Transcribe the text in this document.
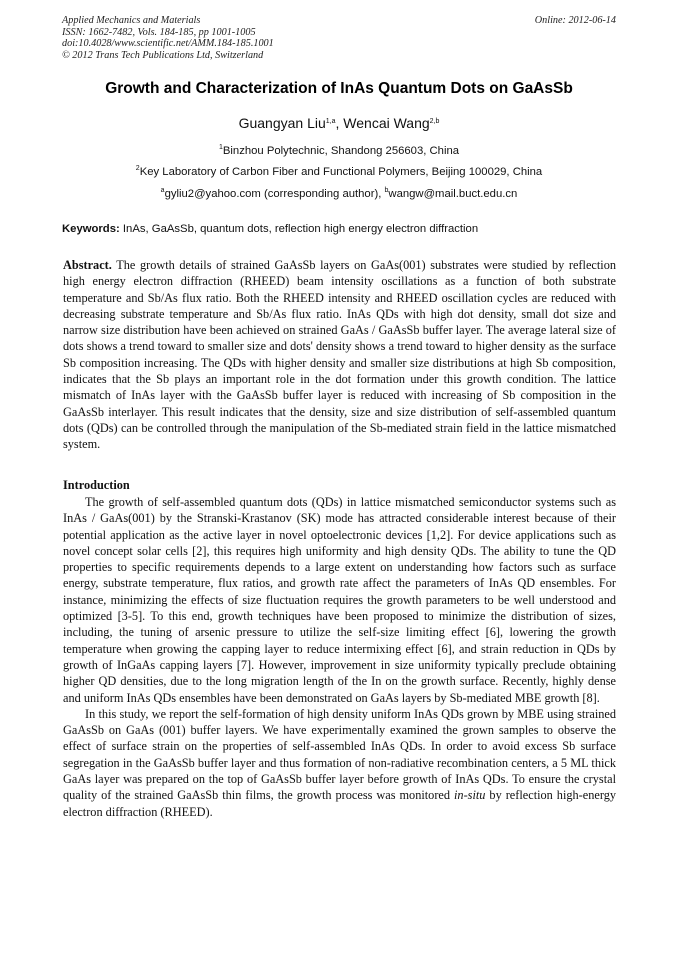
Applied Mechanics and Materials
ISSN: 1662-7482, Vols. 184-185, pp 1001-1005
doi:10.4028/www.scientific.net/AMM.184-185.1001
© 2012 Trans Tech Publications Ltd, Switzerland
Online: 2012-06-14
Growth and Characterization of InAs Quantum Dots on GaAsSb
Guangyan Liu$^{1,a}$, Wencai Wang$^{2,b}$
$^1$Binzhou Polytechnic, Shandong 256603, China
$^2$Key Laboratory of Carbon Fiber and Functional Polymers, Beijing 100029, China
$^a$gyliu2@yahoo.com (corresponding author), $^b$wangw@mail.buct.edu.cn
Keywords: InAs, GaAsSb, quantum dots, reflection high energy electron diffraction
Abstract. The growth details of strained GaAsSb layers on GaAs(001) substrates were studied by reflection high energy electron diffraction (RHEED) beam intensity oscillations as a function of both substrate temperature and Sb/As flux ratio. Both the RHEED intensity and RHEED oscillation cycles are reduced with decreasing substrate temperature and Sb/As flux ratio. InAs QDs with high dot density, small dot size and narrow size distribution have been achieved on strained GaAs / GaAsSb buffer layer. The average lateral size of dots shows a trend toward to smaller size and dots' density shows a trend toward to higher density as the surface Sb composition increasing. The QDs with higher density and smaller size distributions at high Sb composition, indicates that the Sb plays an important role in the dot formation under this growth condition. The lattice mismatch of InAs layer with the GaAsSb buffer layer is reduced with increasing of Sb composition in the GaAsSb interlayer. This result indicates that the density, size and size distribution of self-assembled quantum dots (QDs) can be controlled through the manipulation of the Sb-mediated strain field in the lattice mismatched system.
Introduction

The growth of self-assembled quantum dots (QDs) in lattice mismatched semiconductor systems such as InAs / GaAs(001) by the Stranski-Krastanov (SK) mode has attracted considerable interest because of their potential application as the active layer in novel optoelectronic devices [1,2]. For device applications such as novel concept solar cells [2], this requires high uniformity and high density QDs. The ability to tune the QD properties to specific requirements depends to a large extent on understanding how factors such as surface energy, substrate temperature, flux ratios, and growth rate affect the parameters of InAs QD ensembles. For instance, minimizing the effects of size fluctuation requires the growth parameters to be well understood and optimized [3-5]. To this end, growth techniques have been proposed to minimize the distribution of sizes, including, the tuning of arsenic pressure to utilize the self-size limiting effect [6], lowering the growth temperature when growing the capping layer to reduce intermixing effect [6], and strain reduction in QDs by growth of InGaAs capping layers [7]. However, improvement in size uniformity typically preclude obtaining higher QD densities, due to the long migration length of the In on the growth surface. Recently, highly dense and uniform InAs QDs ensembles have been demonstrated on GaAs layers by Sb-mediated MBE growth [8].

In this study, we report the self-formation of high density uniform InAs QDs grown by MBE using strained GaAsSb on GaAs (001) buffer layers. We have experimentally examined the grown samples to observe the effect of surface strain on the properties of self-assembled InAs QDs. In order to avoid excess Sb surface segregation in the GaAsSb buffer layer and thus formation of non-radiative recombination centers, a 5 ML thick GaAs layer was prepared on the top of GaAsSb buffer layer before growth of InAs QDs. To ensure the crystal quality of the strained GaAsSb thin films, the growth process was monitored in-situ by reflection high-energy electron diffraction (RHEED).
